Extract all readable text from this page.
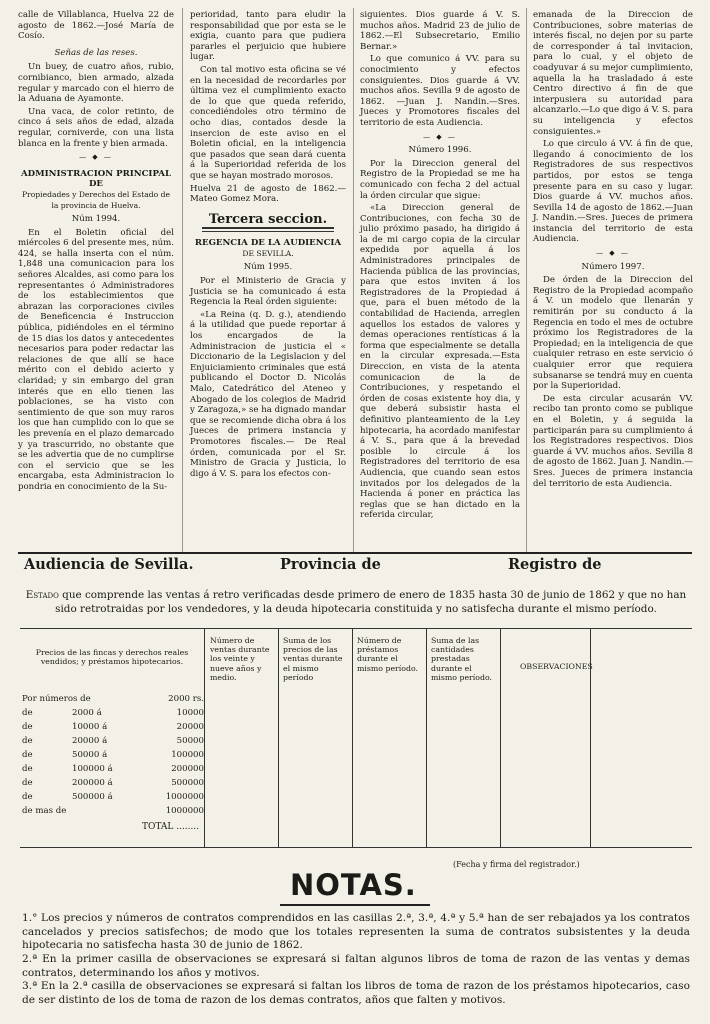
calle de Villablanca, Huelva 22 de agosto de 1862.—José María de Cosío.

Señas de las reses.

Un buey, de cuatro años, rubio, cornibianco, bien armado, alzada regular y marcado con el hierro de la Aduana de Ayamonte.

Una vaca, de color retinto, de cinco á seis años de edad, alzada regular, corniverde, con una lista blanca en la frente y bien armada.

— ◆ —

ADMINISTRACION PRINCIPAL DE

Propiedades y Derechos del Estado de la provincia de Huelva.

Núm 1994.

En el Boletin oficial del miércoles 6 del presente mes, núm. 424, se halla inserta con el núm. 1,848 una comunicacion para los señores Alcaldes, asi como para los representantes ó Administradores de los establecimientos que abrazan las corporaciones civiles de Beneficencia é Instruccion pública, pidiéndoles en el término de 15 dias los datos y antecedentes necesarios para poder redactar las relaciones de que allí se hace mérito con el debido acierto y claridad; y sin embargo del gran interés que en ello tienen las poblaciones, se ha visto con sentimiento de que son muy raros los que han cumplido con lo que se les prevenía en el plazo demarcado y ya trascurrido, no obstante que se les advertia que de no cumplirse con el servicio que se les encargaba, esta Administracion lo pondria en conocimiento de la Su-

perioridad, tanto para eludir la responsabilidad que por esta se le exigia, cuanto para que pudiera pararles el perjuicio que hubiere lugar.

Con tal motivo esta oficina se vé en la necesidad de recordarles por última vez el cumplimiento exacto de lo que que queda referido, concediéndoles otro término de ocho dias, contados desde la insercion de este aviso en el Boletin oficial, en la inteligencia que pasados que sean dará cuenta á la Superioridad referida de los que se hayan mostrado morosos.

Huelva 21 de agosto de 1862.— Mateo Gomez Mora.

Tercera seccion.

REGENCIA DE LA AUDIENCIA

DE SEVILLA.

Núm 1995.

Por el Ministerio de Gracia y Justicia se ha comunicado á esta Regencia la Real órden siguiente:

«La Reina (q. D. g.), atendiendo á la utilidad que puede reportar á los encargados de la Administracion de justicia el « Diccionario de la Legislacion y del Enjuiciamiento criminales que está publicando el Doctor D. Nicolás Malo, Catedrático del Ateneo y Abogado de los colegios de Madrid y Zaragoza,» se ha dignado mandar que se recomiende dicha obra á los Jueces de primera instancia y Promotores fiscales.— De Real órden, comunicada por el Sr. Ministro de Gracia y Justicia, lo digo á V. S. para los efectos con-

siguientes. Dios guarde á V. S. muchos años. Madrid 23 de julio de 1862.—El Subsecretario, Emilio Bernar.»

Lo que comunico á VV. para su conocimiento y efectos consiguientes. Dios guarde á VV. muchos años. Sevilla 9 de agosto de 1862. —Juan J. Nandin.—Sres. Jueces y Promotores fiscales del territorio de esta Audiencia.

— ◆ —

Número 1996.

Por la Direccion general del Registro de la Propiedad se me ha comunicado con fecha 2 del actual la órden circular que sigue:

«La Direccion general de Contribuciones, con fecha 30 de julio próximo pasado, ha dirigido á la de mi cargo copia de la circular expedida por aquella á los Administradores principales de Hacienda pública de las provincias, para que estos inviten á los Registradores de la Propiedad á que, para el buen método de la contabilidad de Hacienda, arreglen aquellos los estados de valores y demas operaciones rentísticas á la forma que especialmente se detalla en la circular expresada.—Esta Direccion, en vista de la atenta comunicacion de la de Contribuciones, y respetando el órden de cosas existente hoy dia, y que deberá subsistir hasta el definitivo planteamiento de la Ley hipotecaria, ha acordado manifestar á V. S., para que á la brevedad posible lo circule á los Registradores del territorio de esa Audiencia, que cuando sean estos invitados por los delegados de la Hacienda á poner en práctica las reglas que se han dictado en la referida circular,

emanada de la Direccion de Contribuciones, sobre materias de interés fiscal, no dejen por su parte de corresponder á tal invitacion, para lo cual, y el objeto de coadyuvar á su mejor cumplimiento, aquella la ha trasladado á este Centro directivo á fin de que interpusiera su autoridad para alcanzarlo.—Lo que digo á V. S. para su inteligencia y efectos consiguientes.»

Lo que circulo á VV. á fin de que, llegando á conocimiento de los Registradores de sus respectivos partidos, por estos se tenga presente para en su caso y lugar. Dios guarde á VV. muchos años. Sevilla 14 de agosto de 1862.—Juan J. Nandin.—Sres. Jueces de primera instancia del territorio de esta Audiencia.

— ◆ —

Número 1997.

De órden de la Direccion del Registro de la Propiedad acompaño á V. un modelo que llenarán y remitirán por su conducto á la Regencia en todo el mes de octubre próximo los Registradores de la Propiedad; en la inteligencia de que cualquier retraso en este servicio ó cualquier error que requiera subsanarse se tendrá muy en cuenta por la Superioridad.

De esta circular acusarán VV. recibo tan pronto como se publique en el Boletin, y á seguida la participarán para su cumplimiento á los Registradores respectivos. Dios guarde á VV. muchos años. Sevilla 8 de agosto de 1862. Juan J. Nandin.—Sres. Jueces de primera instancia del territorio de esta Audiencia.

Audiencia de Sevilla.	Provincia de	Registro de
Estado que comprende las ventas á retro verificadas desde primero de enero de 1835 hasta 30 de junio de 1862 y que no han sido retrotraidas por los vendedores, y la deuda hipotecaria constituida y no satisfecha durante el mismo período.
Precios de las fincas y derechos reales vendidos; y préstamos hipotecarios.
Número de ventas durante los veinte y nueve años y medio.
Suma de los precios de las ventas durante el mismo período
Número de préstamos durante el mismo período.
Suma de las cantidades prestadas durante el mismo período.
OBSERVACIONES
Por números de	2000 rs.
de	2000 á	10000
de	10000 á	20000
de	20000 á	50000
de	50000 á	100000
de	100000 á	200000
de	200000 á	500000
de	500000 á	1000000
de mas de	1000000
TOTAL ........
(Fecha y firma del registrador.)
NOTAS.
1.° Los precios y números de contratos comprendidos en las casillas 2.ª, 3.ª, 4.ª y 5.ª han de ser rebajados ya los contratos cancelados y precios satisfechos; de modo que los totales representen la suma de contratos subsistentes y la deuda hipotecaria no satisfecha hasta 30 de junio de 1862.
2.ª En la primer casilla de observaciones se expresará si faltan algunos libros de toma de razon de las ventas y demas contratos, determinando los años y motivos.
3.ª En la 2.ª casilla de observaciones se expresará si faltan los libros de toma de razon de los préstamos hipotecarios, caso de ser distinto de los de toma de razon de los demas contratos, años que falten y motivos.
